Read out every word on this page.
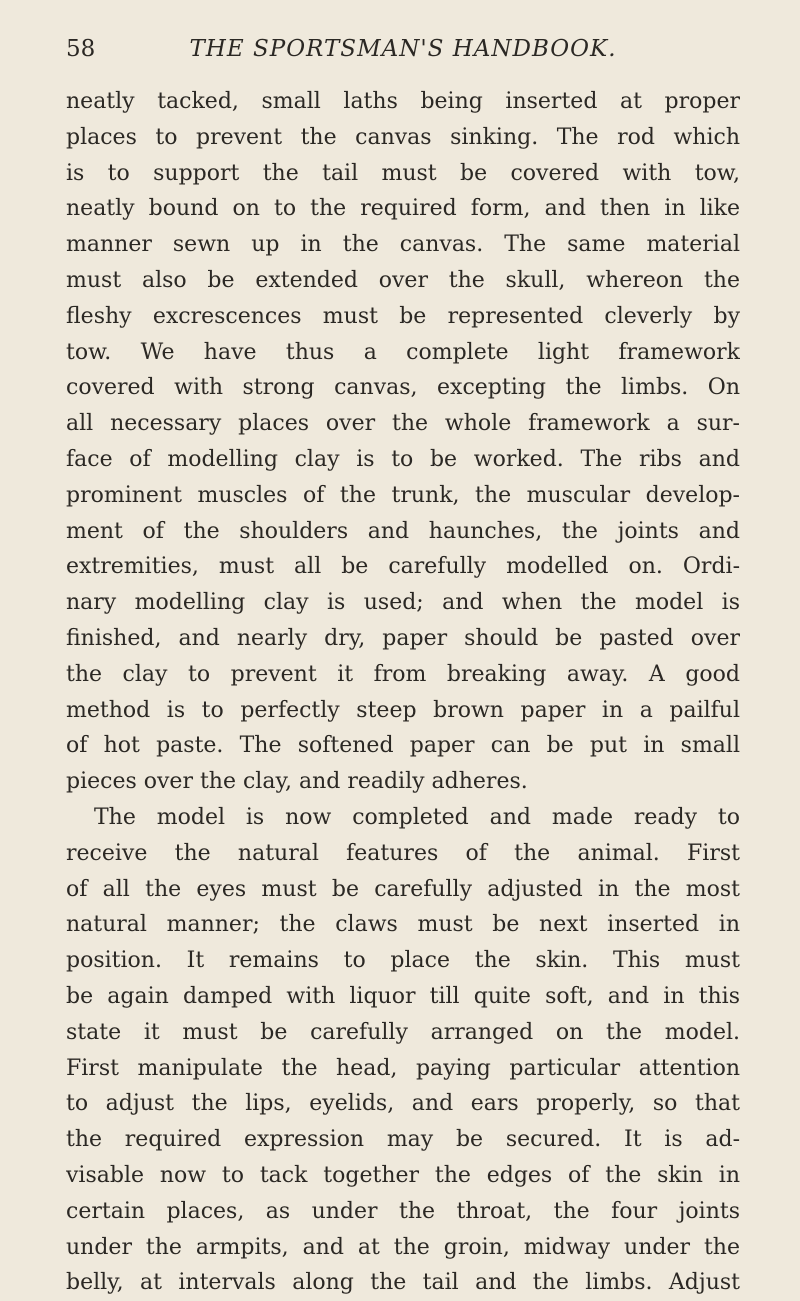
58	THE SPORTSMAN'S HANDBOOK.
neatly tacked, small laths being inserted at proper
places to prevent the canvas sinking. The rod which
is to support the tail must be covered with tow,
neatly bound on to the required form, and then in like
manner sewn up in the canvas. The same material
must also be extended over the skull, whereon the
fleshy excrescences must be represented cleverly by
tow. We have thus a complete light framework
covered with strong canvas, excepting the limbs. On
all necessary places over the whole framework a sur-
face of modelling clay is to be worked. The ribs and
prominent muscles of the trunk, the muscular develop-
ment of the shoulders and haunches, the joints and
extremities, must all be carefully modelled on. Ordi-
nary modelling clay is used; and when the model is
finished, and nearly dry, paper should be pasted over
the clay to prevent it from breaking away. A good
method is to perfectly steep brown paper in a pailful
of hot paste. The softened paper can be put in small
pieces over the clay, and readily adheres.
The model is now completed and made ready to
receive the natural features of the animal. First
of all the eyes must be carefully adjusted in the most
natural manner; the claws must be next inserted in
position. It remains to place the skin. This must
be again damped with liquor till quite soft, and in this
state it must be carefully arranged on the model.
First manipulate the head, paying particular attention
to adjust the lips, eyelids, and ears properly, so that
the required expression may be secured. It is ad-
visable now to tack together the edges of the skin in
certain places, as under the throat, the four joints
under the armpits, and at the groin, midway under the
belly, at intervals along the tail and the limbs. Adjust
